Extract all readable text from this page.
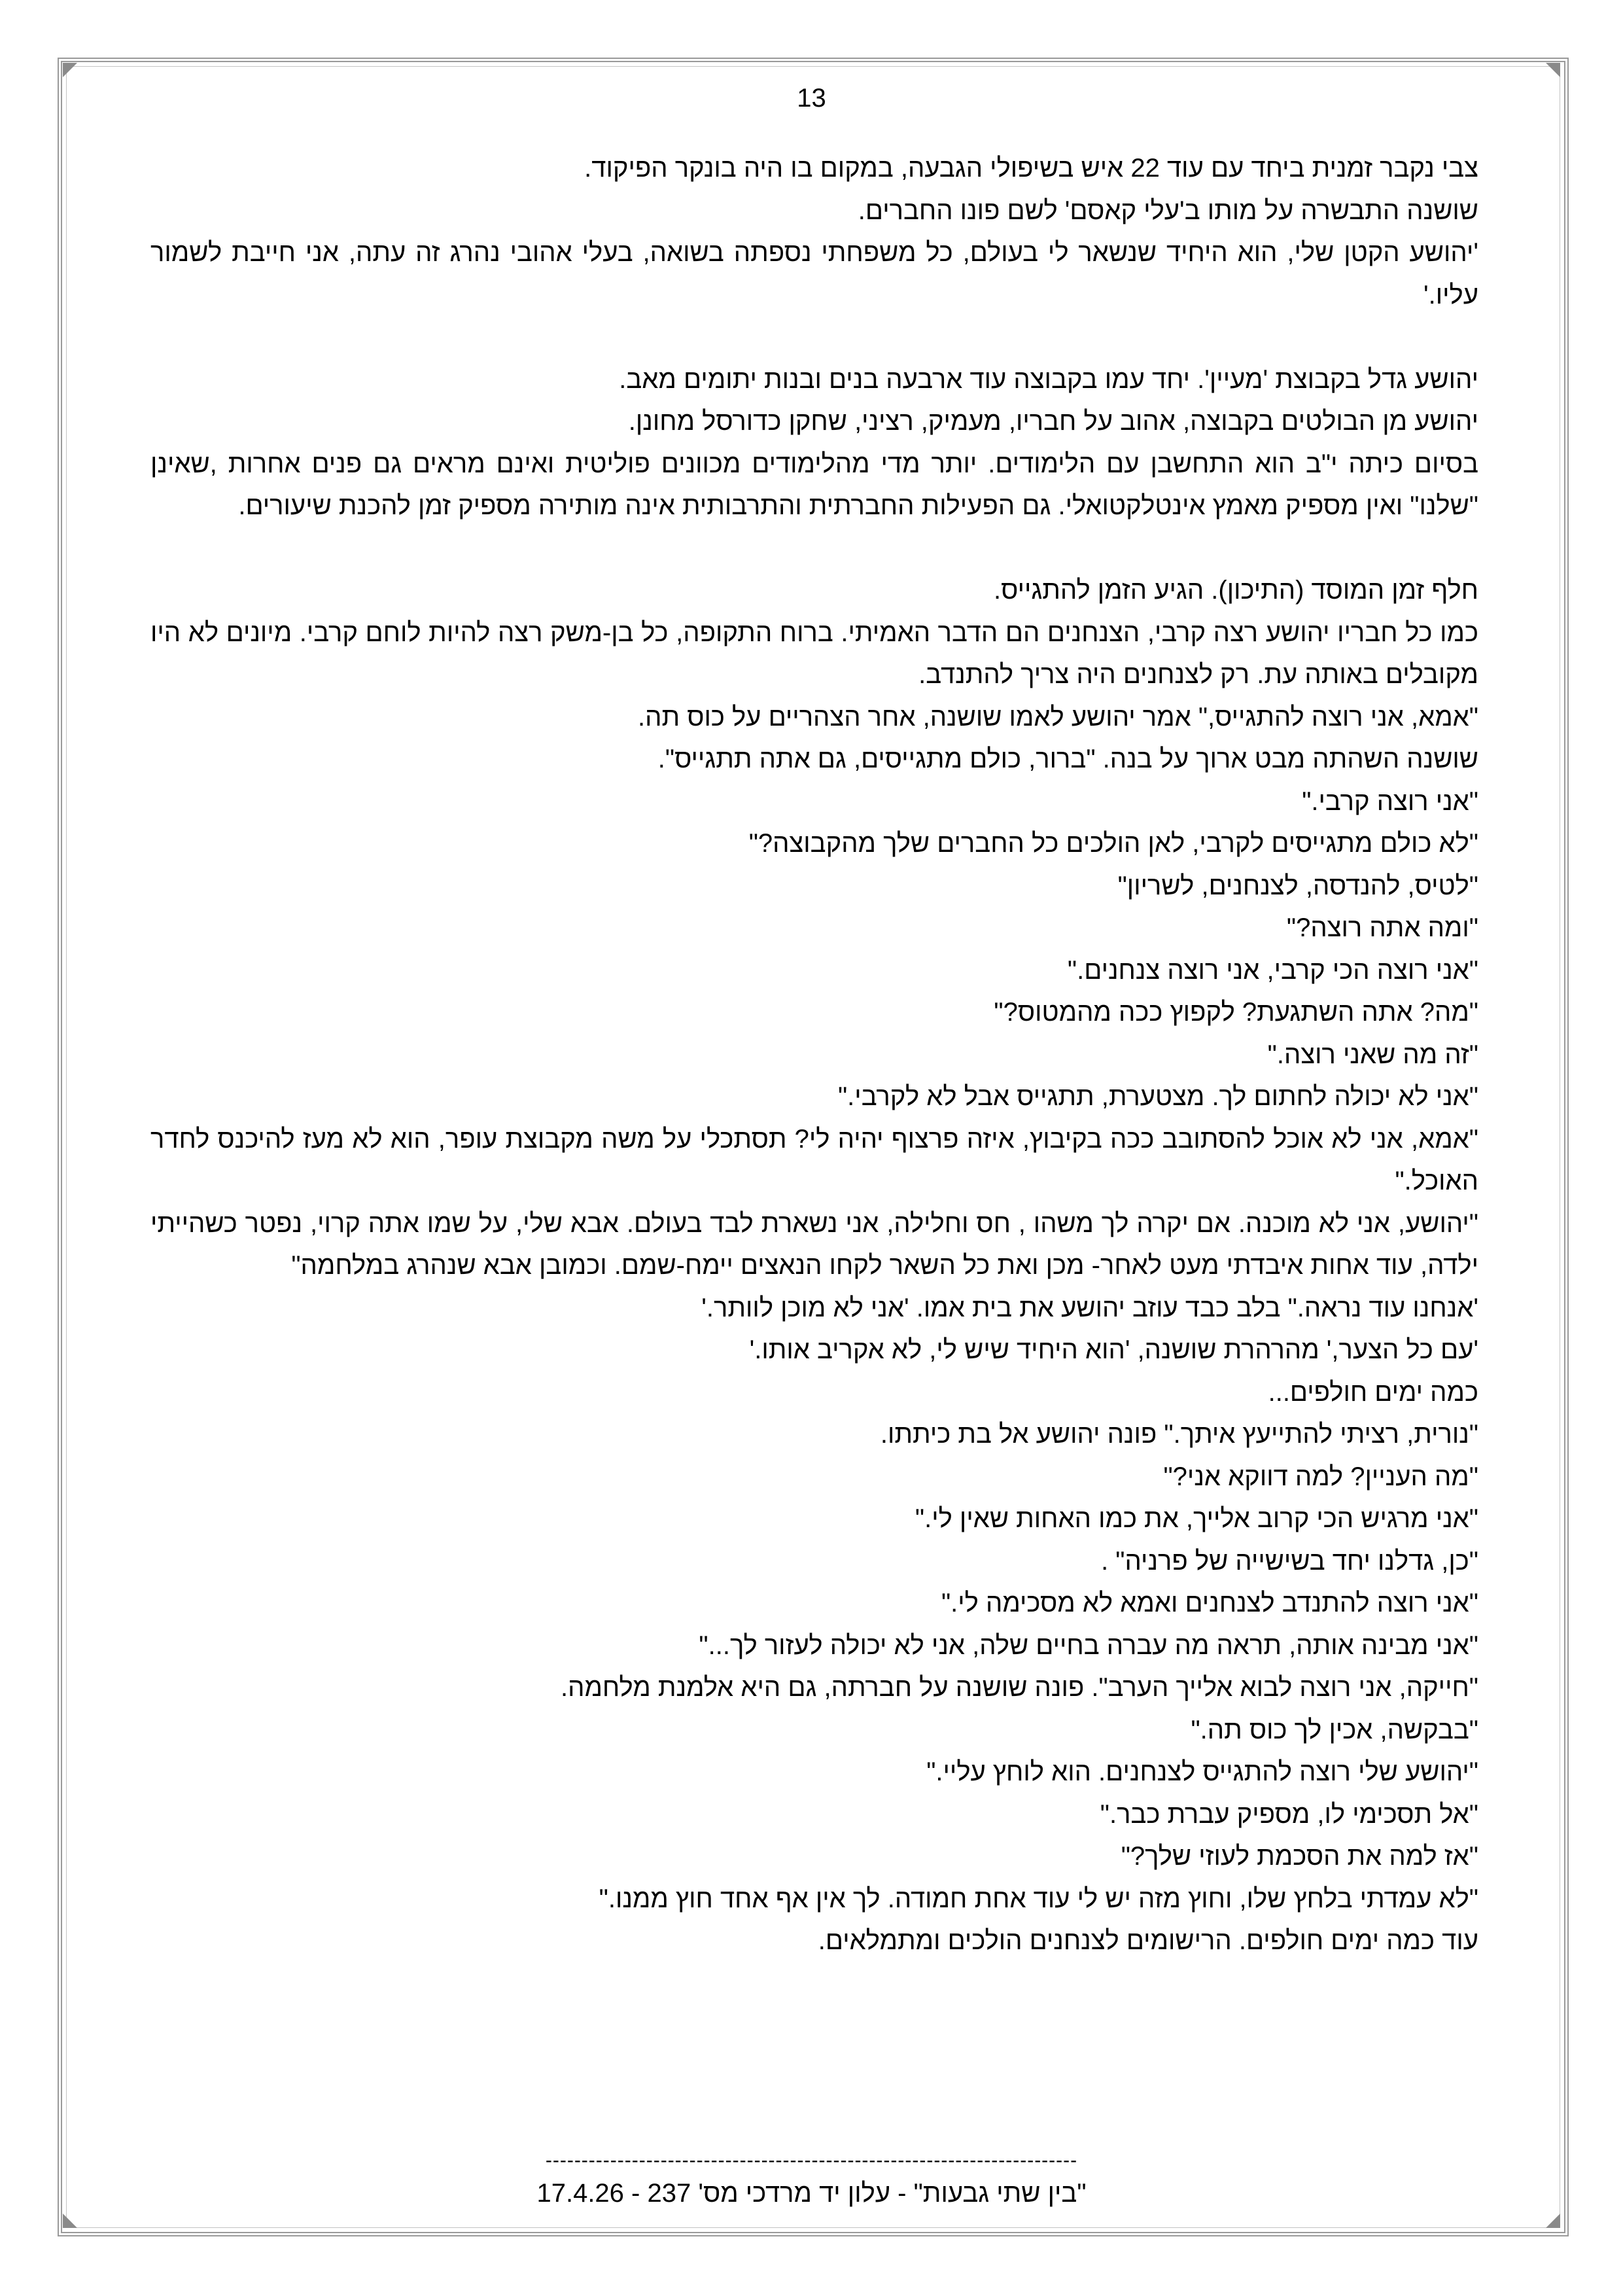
13

צבי נקבר זמנית ביחד עם עוד 22 איש בשיפולי הגבעה, במקום בו היה בונקר הפיקוד.

שושנה התבשרה על מותו ב'עלי קאסם' לשם פונו החברים.

'יהושע הקטן שלי, הוא היחיד שנשאר לי בעולם, כל משפחתי נספתה בשואה, בעלי אהובי נהרג זה עתה, אני חייבת לשמור עליו.'

יהושע גדל בקבוצת 'מעיין'. יחד עמו בקבוצה עוד ארבעה בנים ובנות יתומים מאב.

יהושע מן הבולטים בקבוצה, אהוב על חבריו, מעמיק, רציני, שחקן כדורסל מחונן.

בסיום כיתה י"ב הוא התחשבן עם הלימודים. יותר מדי מהלימודים מכוונים פוליטית ואינם מראים גם פנים אחרות ,שאינן "שלנו" ואין מספיק מאמץ אינטלקטואלי. גם הפעילות החברתית והתרבותית אינה מותירה מספיק זמן להכנת שיעורים.

חלף זמן המוסד (התיכון). הגיע הזמן להתגייס.

כמו כל חבריו יהושע רצה קרבי, הצנחנים הם הדבר האמיתי. ברוח התקופה, כל בן-משק רצה להיות לוחם קרבי. מיונים לא היו מקובלים באותה עת. רק לצנחנים היה צריך להתנדב.

"אמא, אני רוצה להתגייס," אמר יהושע לאמו שושנה, אחר הצהריים על כוס תה.

שושנה השהתה מבט ארוך על בנה. "ברור, כולם מתגייסים, גם אתה תתגייס".

"אני רוצה קרבי."

"לא כולם מתגייסים לקרבי, לאן הולכים כל החברים שלך מהקבוצה?"

"לטיס, להנדסה, לצנחנים, לשריון"

"ומה אתה רוצה?"

"אני רוצה הכי קרבי, אני רוצה צנחנים."

"מה? אתה השתגעת? לקפוץ ככה מהמטוס?"

"זה מה שאני רוצה."

"אני לא יכולה לחתום לך. מצטערת, תתגייס אבל לא לקרבי."

"אמא, אני לא אוכל להסתובב ככה בקיבוץ, איזה פרצוף יהיה לי? תסתכלי על משה מקבוצת עופר, הוא לא מעז להיכנס לחדר האוכל."

"יהושע, אני לא מוכנה. אם יקרה לך משהו , חס וחלילה, אני נשארת לבד בעולם. אבא שלי, על שמו אתה קרוי, נפטר כשהייתי ילדה, עוד אחות איבדתי מעט לאחר- מכן ואת כל השאר לקחו הנאצים יימח-שמם. וכמובן אבא שנהרג במלחמה"

'אנחנו עוד נראה." בלב כבד עוזב יהושע את בית אמו. 'אני לא מוכן לוותר.'

'עם כל הצער,' מהרהרת שושנה, 'הוא היחיד שיש לי, לא אקריב אותו.'

כמה ימים חולפים...

"נורית, רציתי להתייעץ איתך." פונה יהושע אל בת כיתתו.

"מה העניין? למה דווקא אני?"

"אני מרגיש הכי קרוב אלייך, את כמו האחות שאין לי."

"כן, גדלנו יחד בשישייה של פרניה" .

"אני רוצה להתנדב לצנחנים ואמא לא מסכימה לי."

"אני מבינה אותה, תראה מה עברה בחיים שלה, אני לא יכולה לעזור לך..."

"חייקה, אני רוצה לבוא אלייך הערב". פונה שושנה על חברתה, גם היא אלמנת מלחמה.

"בבקשה, אכין לך כוס תה."

"יהושע שלי רוצה להתגייס לצנחנים. הוא לוחץ עליי."

"אל תסכימי לו, מספיק עברת כבר."

"אז למה את הסכמת לעוזי שלך?"

"לא עמדתי בלחץ שלו, וחוץ מזה יש לי עוד אחת חמודה. לך אין אף אחד חוץ ממנו."

עוד כמה ימים חולפים. הרישומים לצנחנים הולכים ומתמלאים.

--------------------------------------------------------------------------
"בין שתי גבעות" - עלון יד מרדכי מס' 237 - 17.4.26
